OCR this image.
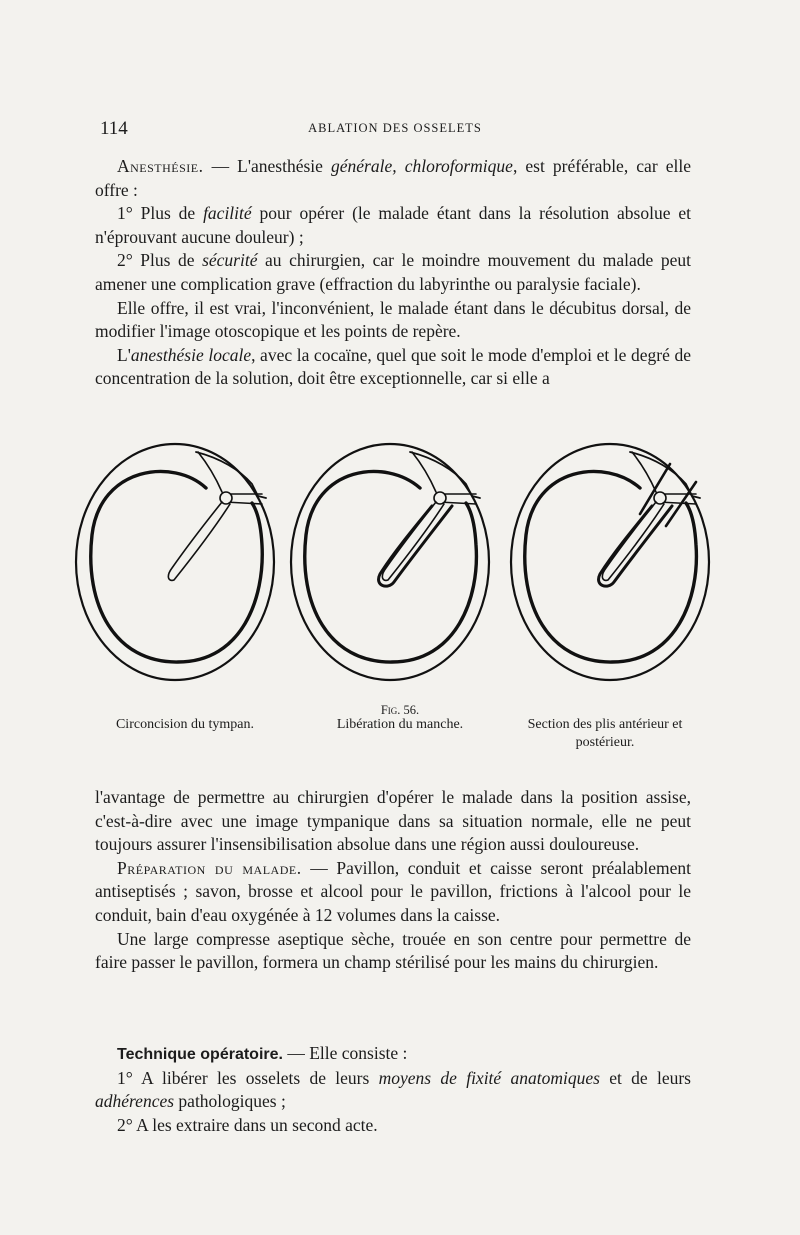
114	ABLATION DES OSSELETS

Anesthésie. — L'anesthésie générale, chloroformique, est préférable, car elle offre :

1° Plus de facilité pour opérer (le malade étant dans la résolution absolue et n'éprouvant aucune douleur) ;

2° Plus de sécurité au chirurgien, car le moindre mouvement du malade peut amener une complication grave (effraction du labyrinthe ou paralysie faciale).

Elle offre, il est vrai, l'inconvénient, le malade étant dans le décubitus dorsal, de modifier l'image otoscopique et les points de repère.

L'anesthésie locale, avec la cocaïne, quel que soit le mode d'emploi et le degré de concentration de la solution, doit être exceptionnelle, car si elle a

Fig. 56.
Circoncision du tympan.	Libération du manche.	Section des plis antérieur et postérieur.

l'avantage de permettre au chirurgien d'opérer le malade dans la position assise, c'est-à-dire avec une image tympanique dans sa situation normale, elle ne peut toujours assurer l'insensibilisation absolue dans une région aussi douloureuse.

Préparation du malade. — Pavillon, conduit et caisse seront préalablement antiseptisés ; savon, brosse et alcool pour le pavillon, frictions à l'alcool pour le conduit, bain d'eau oxygénée à 12 volumes dans la caisse.

Une large compresse aseptique sèche, trouée en son centre pour permettre de faire passer le pavillon, formera un champ stérilisé pour les mains du chirurgien.

Technique opératoire. — Elle consiste :

1° A libérer les osselets de leurs moyens de fixité anatomiques et de leurs adhérences pathologiques ;

2° A les extraire dans un second acte.
